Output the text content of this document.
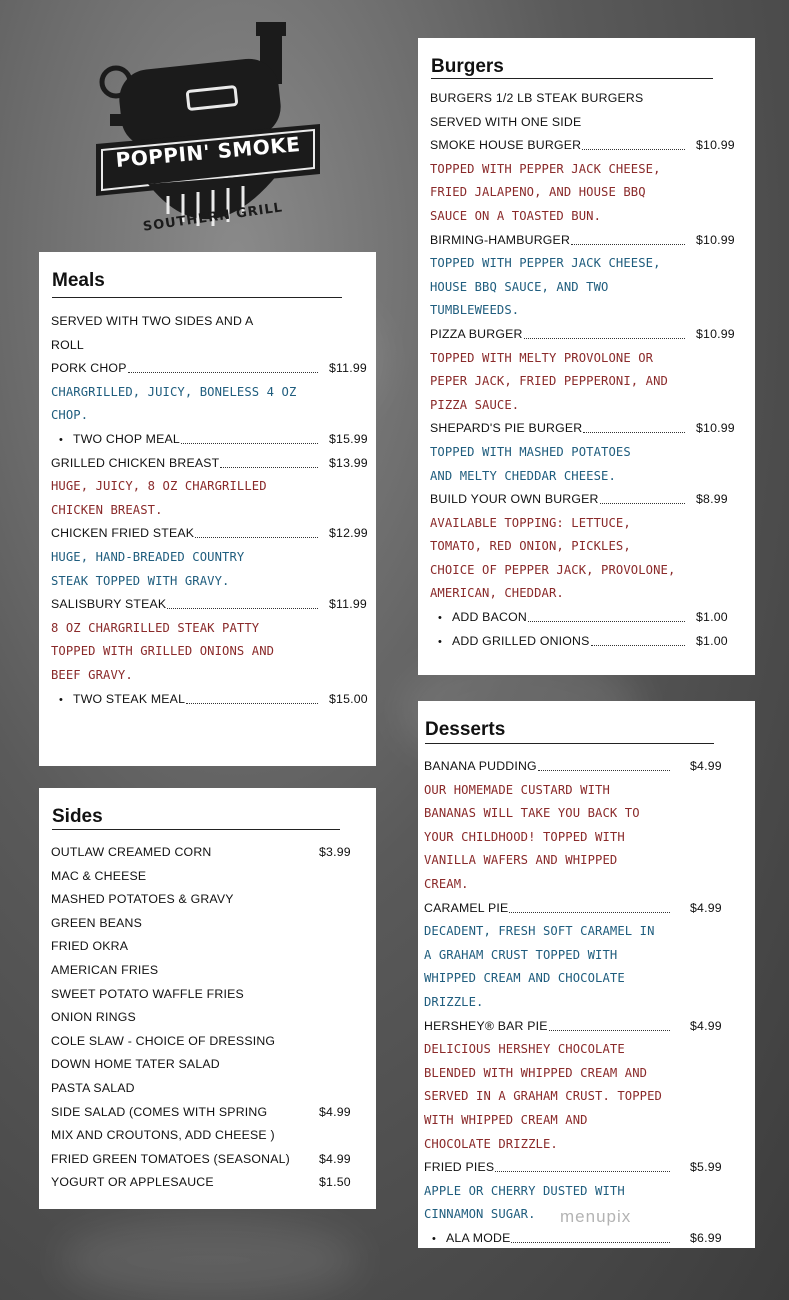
POPPIN' SMOKE
SOUTHERN GRILL
Meals
SERVED WITH TWO SIDES AND A
ROLL
PORK CHOP	$11.99
CHARGRILLED, JUICY, BONELESS 4 OZ
CHOP.
• TWO CHOP MEAL	$15.99
GRILLED CHICKEN BREAST	$13.99
HUGE, JUICY, 8 OZ CHARGRILLED
CHICKEN BREAST.
CHICKEN FRIED STEAK	$12.99
HUGE, HAND-BREADED COUNTRY
STEAK TOPPED WITH GRAVY.
SALISBURY STEAK	$11.99
8 OZ CHARGRILLED STEAK PATTY
TOPPED WITH GRILLED ONIONS AND
BEEF GRAVY.
• TWO STEAK MEAL	$15.00
Sides
OUTLAW CREAMED CORN	$3.99
MAC & CHEESE
MASHED POTATOES & GRAVY
GREEN BEANS
FRIED OKRA
AMERICAN FRIES
SWEET POTATO WAFFLE FRIES
ONION RINGS
COLE SLAW - CHOICE OF DRESSING
DOWN HOME TATER SALAD
PASTA SALAD
SIDE SALAD (COMES WITH SPRING	$4.99
MIX AND CROUTONS, ADD CHEESE )
FRIED GREEN TOMATOES (SEASONAL) $4.99
YOGURT OR APPLESAUCE	$1.50
Burgers
BURGERS 1/2 LB STEAK BURGERS
SERVED WITH ONE SIDE
SMOKE HOUSE BURGER	$10.99
TOPPED WITH PEPPER JACK CHEESE,
FRIED JALAPENO, AND HOUSE BBQ
SAUCE ON A TOASTED BUN.
BIRMING-HAMBURGER	$10.99
TOPPED WITH PEPPER JACK CHEESE,
HOUSE BBQ SAUCE, AND TWO
TUMBLEWEEDS.
PIZZA BURGER	$10.99
TOPPED WITH MELTY PROVOLONE OR
PEPER JACK, FRIED PEPPERONI, AND
PIZZA SAUCE.
SHEPARD'S PIE BURGER	$10.99
TOPPED WITH MASHED POTATOES
AND MELTY CHEDDAR CHEESE.
BUILD YOUR OWN BURGER	$8.99
AVAILABLE TOPPING: LETTUCE,
TOMATO, RED ONION, PICKLES,
CHOICE OF PEPPER JACK, PROVOLONE,
AMERICAN, CHEDDAR.
• ADD BACON	$1.00
• ADD GRILLED ONIONS	$1.00
Desserts
BANANA PUDDING	$4.99
OUR HOMEMADE CUSTARD WITH
BANANAS WILL TAKE YOU BACK TO
YOUR CHILDHOOD! TOPPED WITH
VANILLA WAFERS AND WHIPPED
CREAM.
CARAMEL PIE	$4.99
DECADENT, FRESH SOFT CARAMEL IN
A GRAHAM CRUST TOPPED WITH
WHIPPED CREAM AND CHOCOLATE
DRIZZLE.
HERSHEY® BAR PIE	$4.99
DELICIOUS HERSHEY CHOCOLATE
BLENDED WITH WHIPPED CREAM AND
SERVED IN A GRAHAM CRUST. TOPPED
WITH WHIPPED CREAM AND
CHOCOLATE DRIZZLE.
FRIED PIES	$5.99
APPLE OR CHERRY DUSTED WITH
CINNAMON SUGAR.
• ALA MODE	$6.99
menupix
